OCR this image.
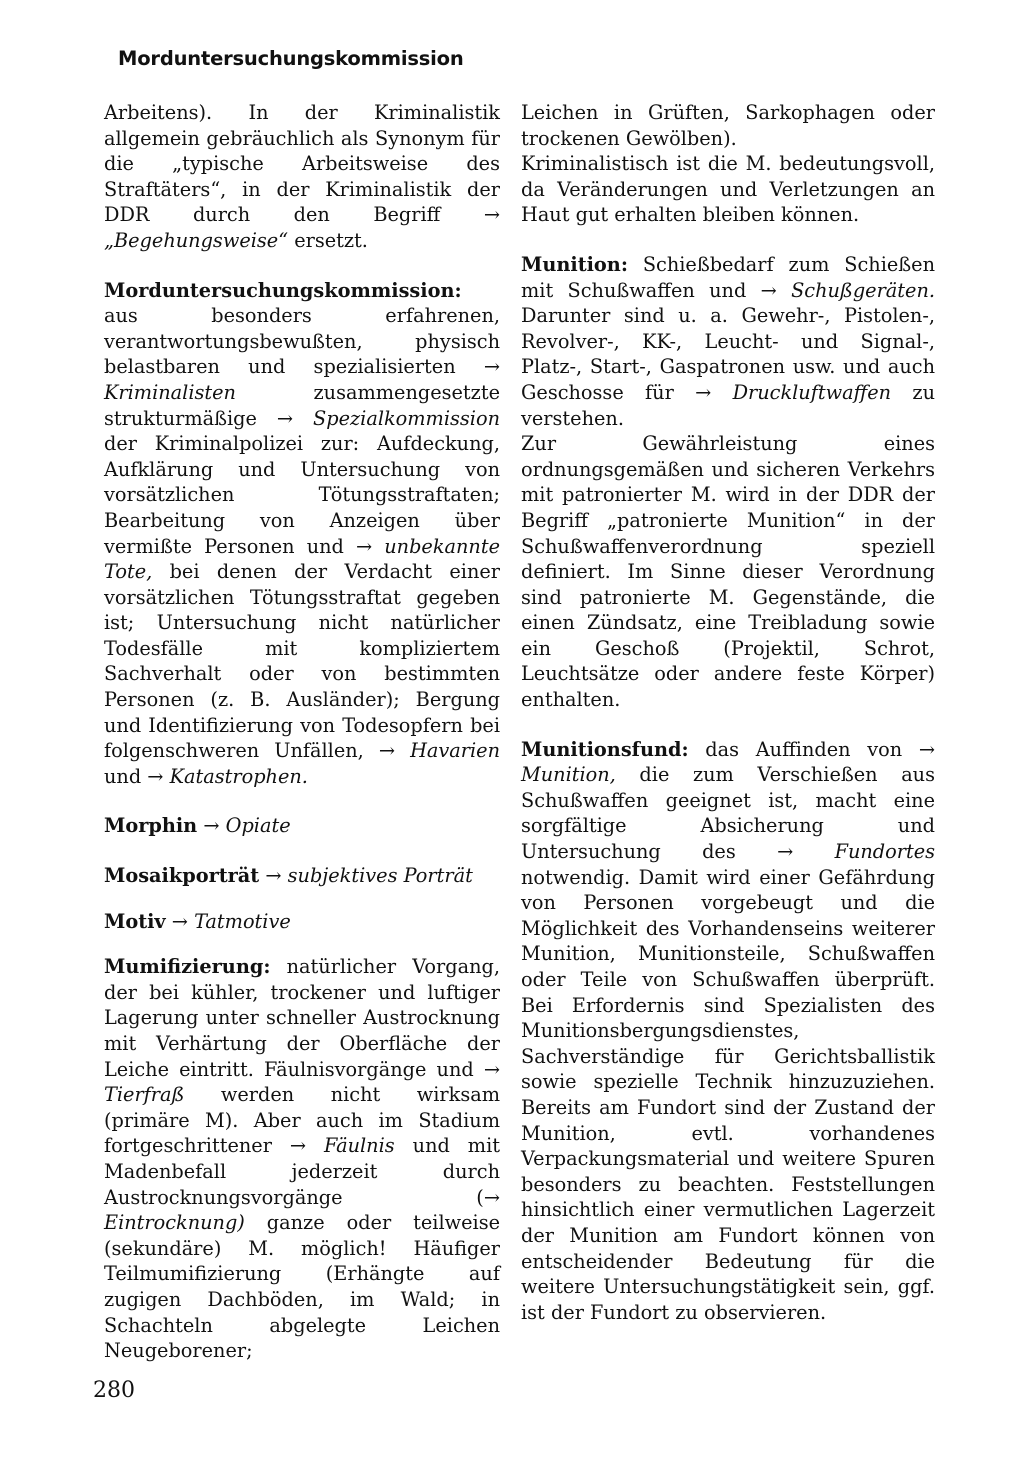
Morduntersuchungskommission

Arbeitens). In der Kriminalistik allgemein gebräuchlich als Synonym für die „typische Arbeitsweise des Straftäters“, in der Kriminalistik der DDR durch den Begriff → „Begehungsweise“ ersetzt.

Morduntersuchungskommission: aus besonders erfahrenen, verantwortungsbewußten, physisch belastbaren und spezialisierten → Kriminalisten zusammengesetzte strukturmäßige → Spezialkommission der Kriminalpolizei zur: Aufdeckung, Aufklärung und Untersuchung von vorsätzlichen Tötungsstraftaten; Bearbeitung von Anzeigen über vermißte Personen und → unbekannte Tote, bei denen der Verdacht einer vorsätzlichen Tötungsstraftat gegeben ist; Untersuchung nicht natürlicher Todesfälle mit kompliziertem Sachverhalt oder von bestimmten Personen (z. B. Ausländer); Bergung und Identifizierung von Todesopfern bei folgenschweren Unfällen, → Havarien und → Katastrophen.

Morphin → Opiate

Mosaikporträt → subjektives Porträt

Motiv → Tatmotive

Mumifizierung: natürlicher Vorgang, der bei kühler, trockener und luftiger Lagerung unter schneller Austrocknung mit Verhärtung der Oberfläche der Leiche eintritt. Fäulnisvorgänge und → Tierfraß werden nicht wirksam (primäre M). Aber auch im Stadium fortgeschrittener → Fäulnis und mit Madenbefall jederzeit durch Austrocknungsvorgänge (→ Eintrocknung) ganze oder teilweise (sekundäre) M. möglich! Häufiger Teilmumifizierung (Erhängte auf zugigen Dachböden, im Wald; in Schachteln abgelegte Leichen Neugeborener;

Leichen in Grüften, Sarkophagen oder trockenen Gewölben).

Kriminalistisch ist die M. bedeutungsvoll, da Veränderungen und Verletzungen an Haut gut erhalten bleiben können.

Munition: Schießbedarf zum Schießen mit Schußwaffen und → Schußgeräten. Darunter sind u. a. Gewehr-, Pistolen-, Revolver-, KK-, Leucht- und Signal-, Platz-, Start-, Gaspatronen usw. und auch Geschosse für → Druckluftwaffen zu verstehen.

Zur Gewährleistung eines ordnungsgemäßen und sicheren Verkehrs mit patronierter M. wird in der DDR der Begriff „patronierte Munition“ in der Schußwaffenverordnung speziell definiert. Im Sinne dieser Verordnung sind patronierte M. Gegenstände, die einen Zündsatz, eine Treibladung sowie ein Geschoß (Projektil, Schrot, Leuchtsätze oder andere feste Körper) enthalten.

Munitionsfund: das Auffinden von → Munition, die zum Verschießen aus Schußwaffen geeignet ist, macht eine sorgfältige Absicherung und Untersuchung des → Fundortes notwendig. Damit wird einer Gefährdung von Personen vorgebeugt und die Möglichkeit des Vorhandenseins weiterer Munition, Munitionsteile, Schußwaffen oder Teile von Schußwaffen überprüft. Bei Erfordernis sind Spezialisten des Munitionsbergungsdienstes, Sachverständige für Gerichtsballistik sowie spezielle Technik hinzuzuziehen. Bereits am Fundort sind der Zustand der Munition, evtl. vorhandenes Verpackungsmaterial und weitere Spuren besonders zu beachten. Feststellungen hinsichtlich einer vermutlichen Lagerzeit der Munition am Fundort können von entscheidender Bedeutung für die weitere Untersuchungstätigkeit sein, ggf. ist der Fundort zu observieren.

280
